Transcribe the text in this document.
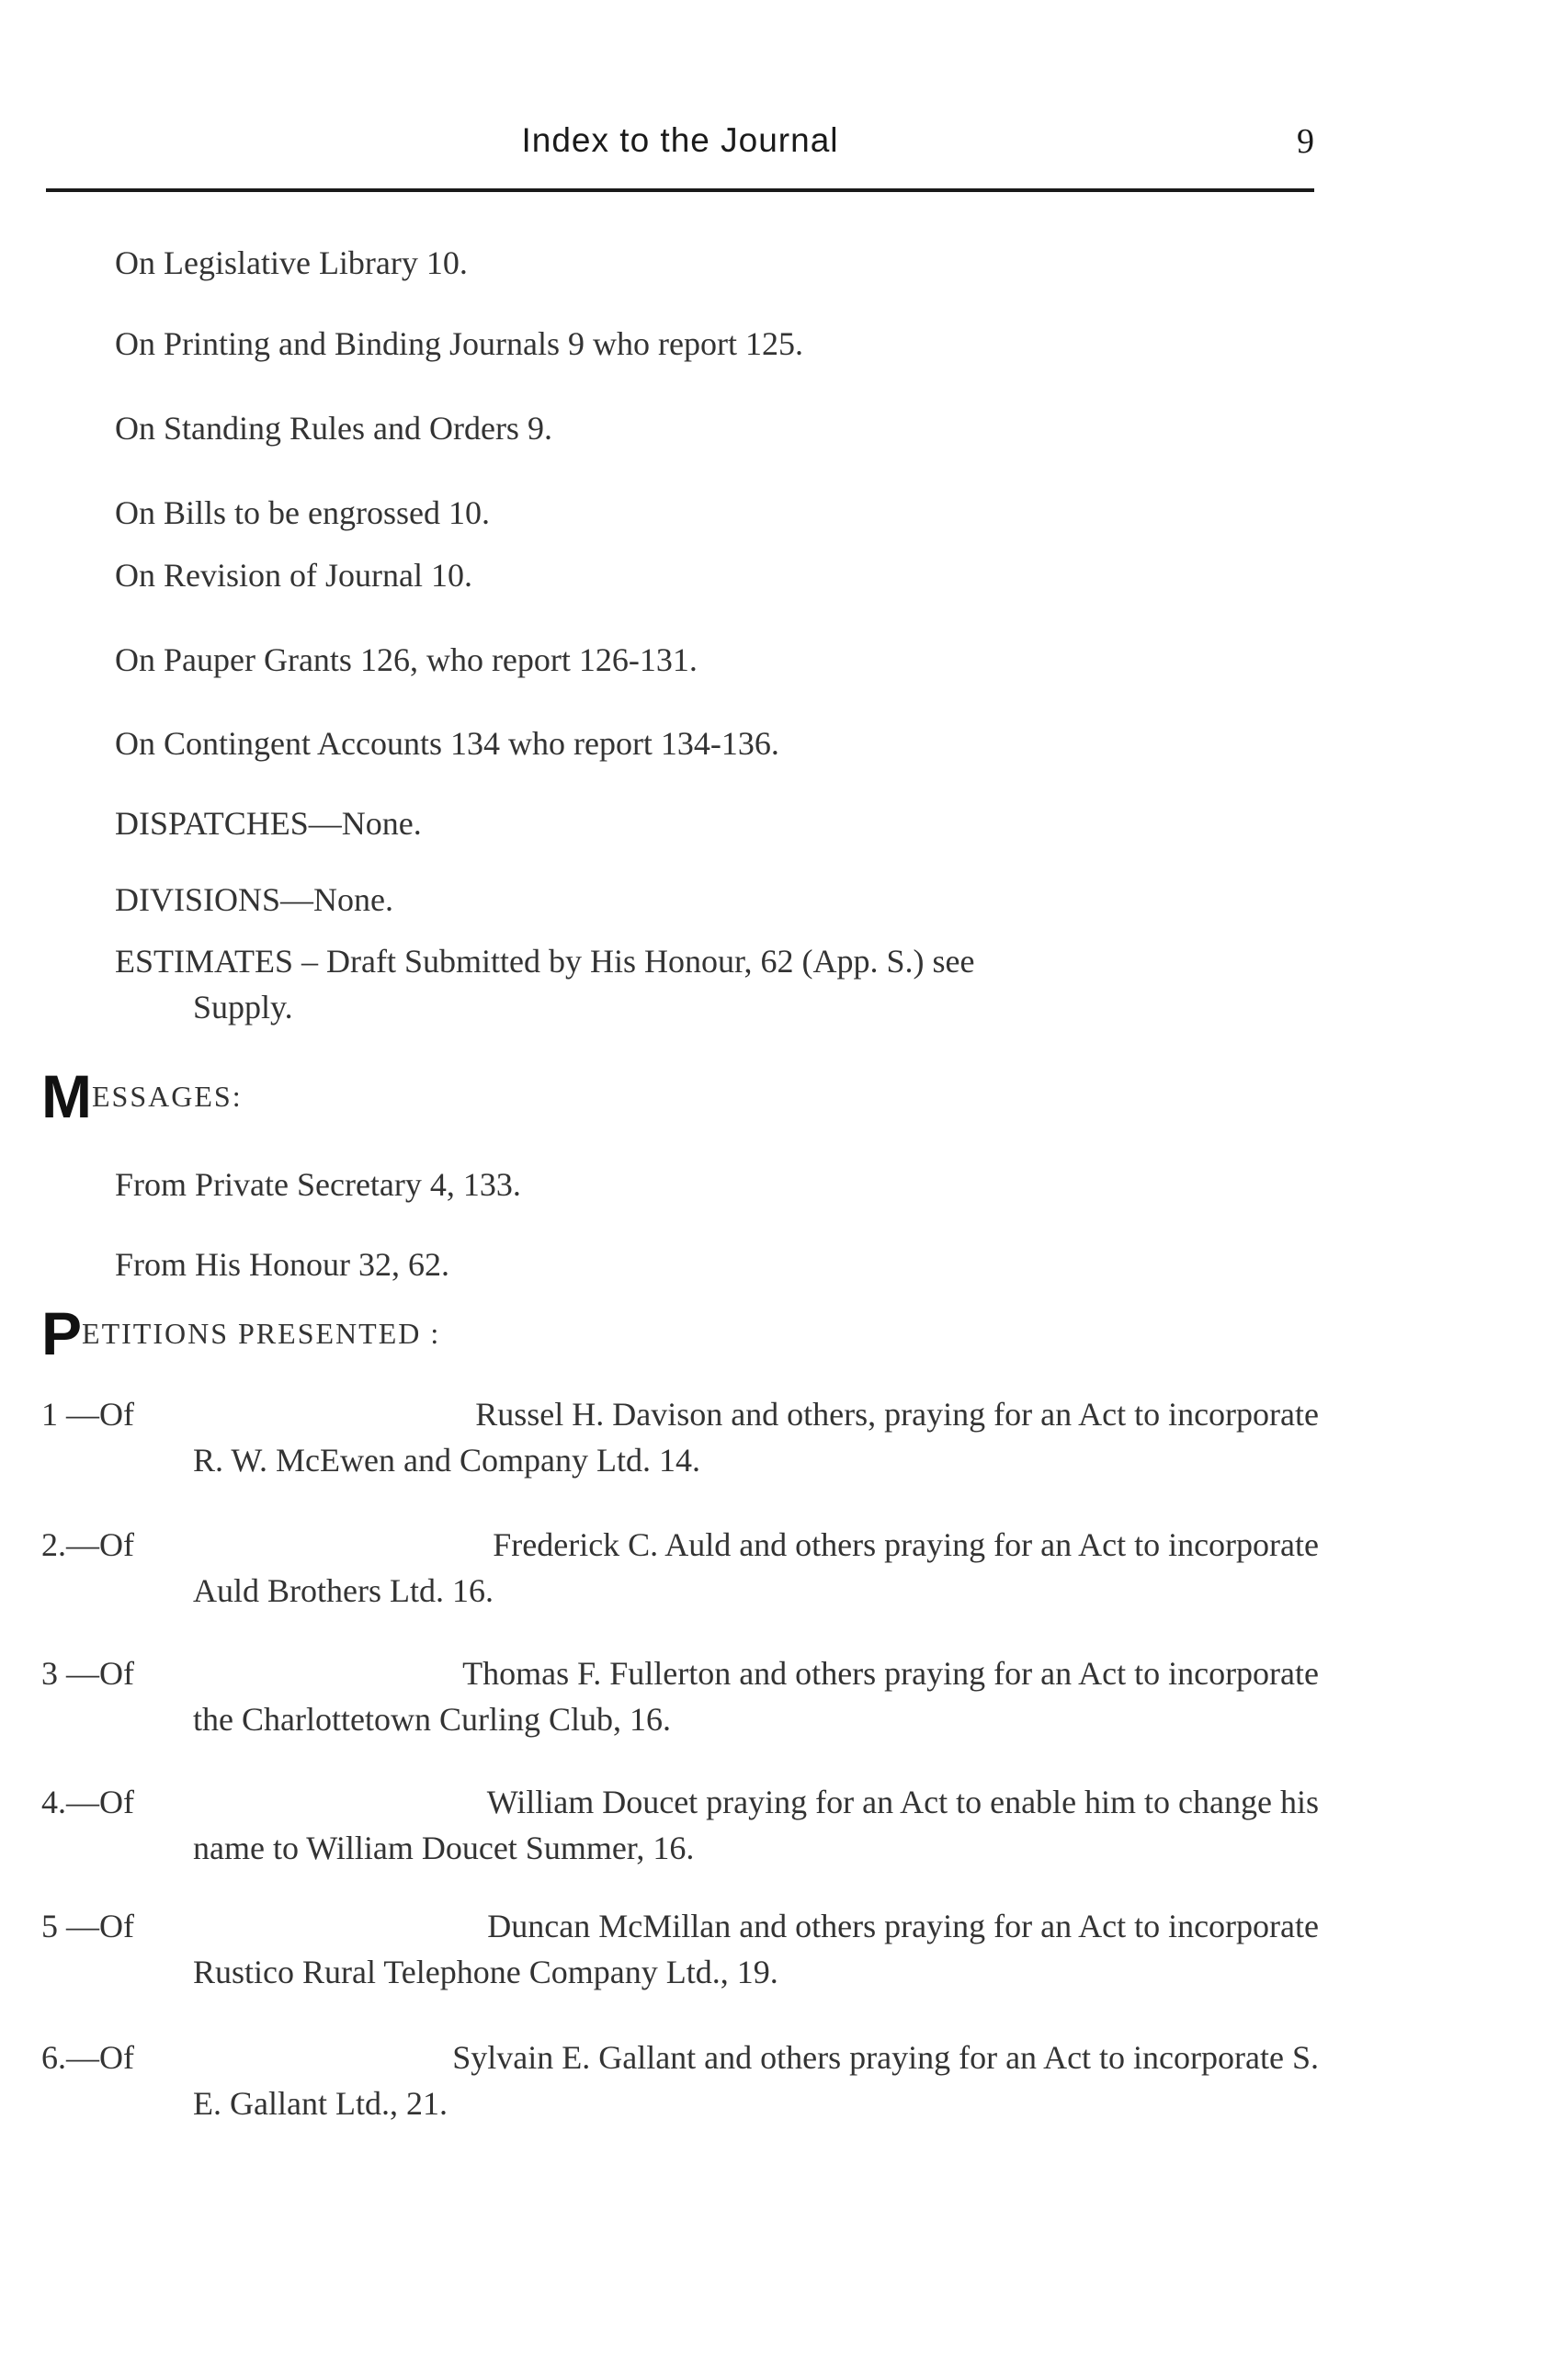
Index to the Journal	9
On Legislative Library 10.
On Printing and Binding Journals 9 who report 125.
On Standing Rules and Orders 9.
On Bills to be engrossed 10.
On Revision of Journal 10.
On Pauper Grants 126, who report 126-131.
On Contingent Accounts 134 who report 134-136.
DISPATCHES—None.
DIVISIONS—None.
ESTIMATES – Draft Submitted by His Honour, 62 (App. S.) see
Supply.
MESSAGES:
From Private Secretary 4, 133.
From His Honour 32, 62.
PETITIONS PRESENTED :
1 —Of	Russel H. Davison and others, praying for an Act to incorporate
R. W. McEwen and Company Ltd. 14.
2.—Of	Frederick C. Auld and others praying for an Act to incorporate
Auld Brothers Ltd. 16.
3 —Of	Thomas F. Fullerton and others praying for an Act to incorporate
the Charlottetown Curling Club, 16.
4.—Of	William Doucet praying for an Act to enable him to change his
name to William Doucet Summer, 16.
5 —Of	Duncan McMillan and others praying for an Act to incorporate
Rustico Rural Telephone Company Ltd., 19.
6.—Of	Sylvain E. Gallant and others praying for an Act to incorporate S.
E. Gallant Ltd., 21.
